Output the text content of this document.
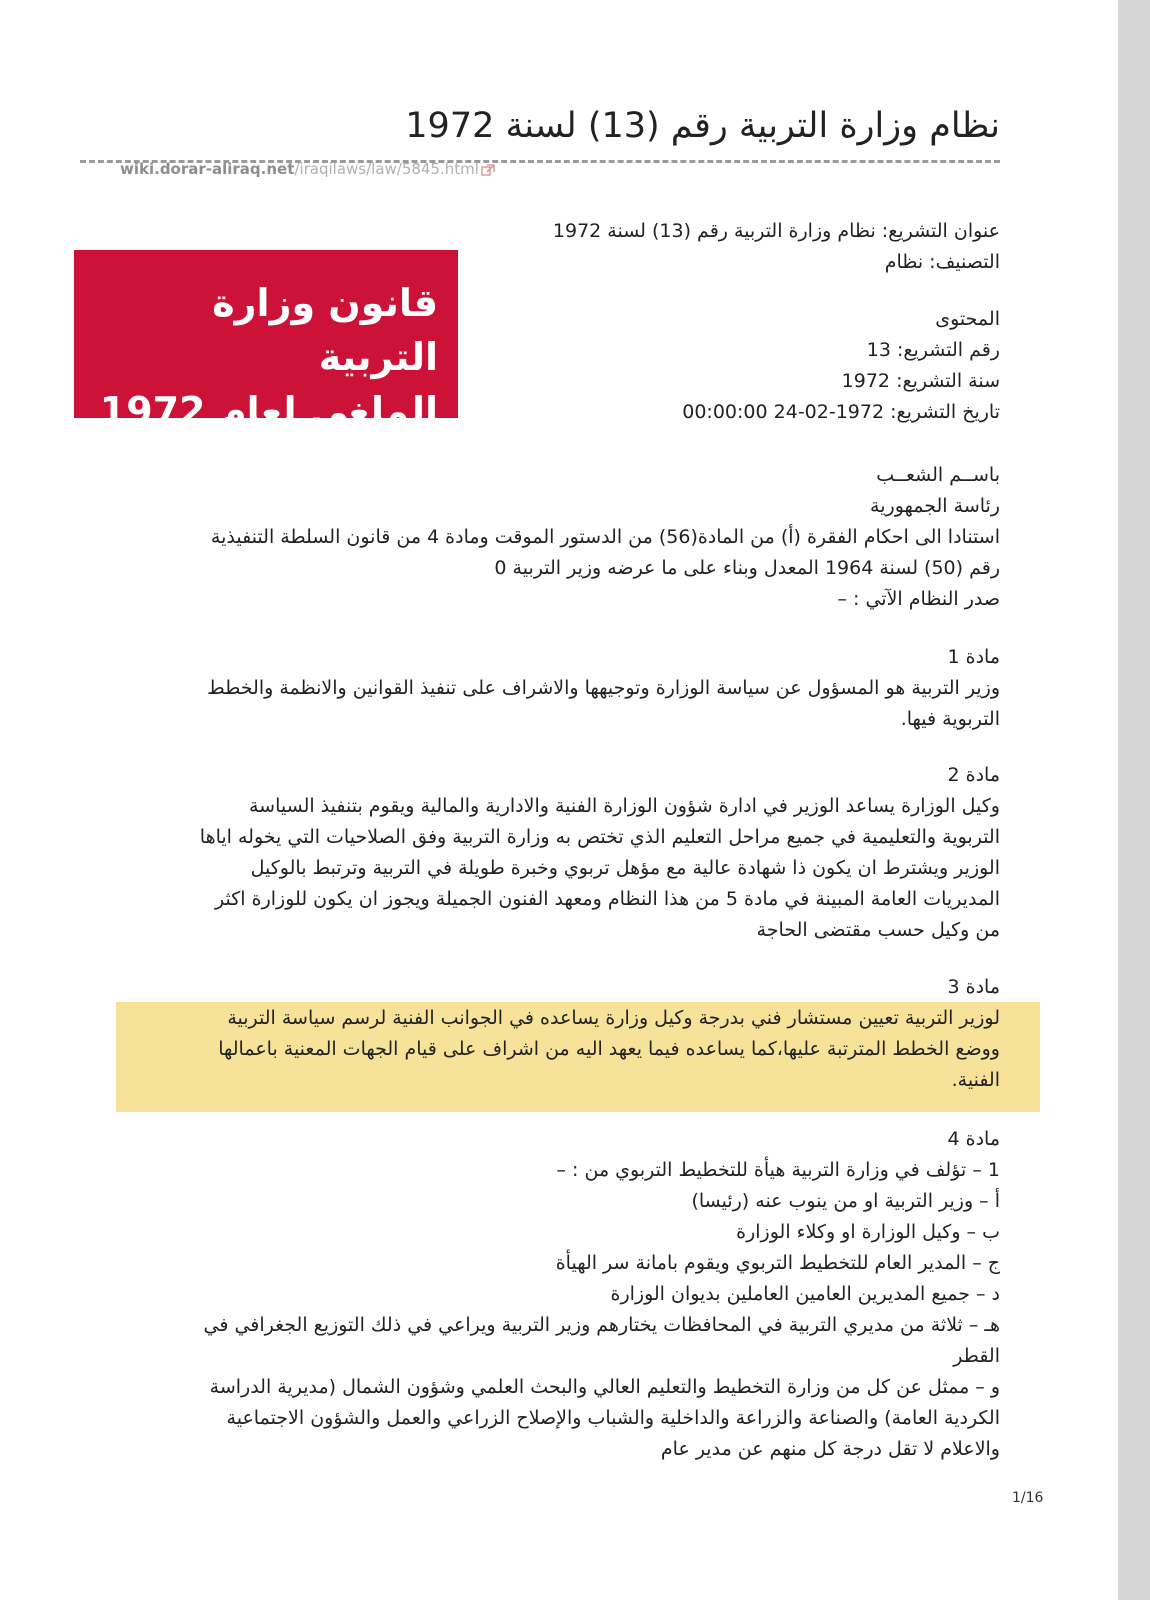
نظام وزارة التربية رقم (13) لسنة 1972
wiki.dorar-aliraq.net/iraqilaws/law/5845.html
قانون وزارة التربية
الملغى لعام 1972
عنوان التشريع: نظام وزارة التربية رقم (13) لسنة 1972
التصنيف: نظام
المحتوى
رقم التشريع: 13
سنة التشريع: 1972
تاريخ التشريع: 1972-02-24 00:00:00
باســم الشعــب
رئاسة الجمهورية
استنادا الى احكام الفقرة (أ) من المادة(56) من الدستور الموقت ومادة 4 من قانون السلطة التنفيذية
رقم (50) لسنة 1964 المعدل وبناء على ما عرضه وزير التربية 0
صدر النظام الآتي : –
مادة 1
وزير التربية هو المسؤول عن سياسة الوزارة وتوجيهها والاشراف على تنفيذ القوانين والانظمة والخطط
التربوية فيها.
مادة 2
وكيل الوزارة يساعد الوزير في ادارة شؤون الوزارة الفنية والادارية والمالية ويقوم بتنفيذ السياسة
التربوية والتعليمية في جميع مراحل التعليم الذي تختص به وزارة التربية وفق الصلاحيات التي يخوله اياها
الوزير ويشترط ان يكون ذا شهادة عالية مع مؤهل تربوي وخبرة طويلة في التربية وترتبط بالوكيل
المديريات العامة المبينة في مادة 5 من هذا النظام ومعهد الفنون الجميلة ويجوز ان يكون للوزارة اكثر
من وكيل حسب مقتضى الحاجة
مادة 3
لوزير التربية تعيين مستشار فني بدرجة وكيل وزارة يساعده في الجوانب الفنية لرسم سياسة التربية
ووضع الخطط المترتبة عليها،كما يساعده فيما يعهد اليه من اشراف على قيام الجهات المعنية باعمالها
الفنية.
مادة 4
1 – تؤلف في وزارة التربية هيأة للتخطيط التربوي من : –
أ – وزير التربية او من ينوب عنه (رئيسا)
ب – وكيل الوزارة او وكلاء الوزارة
ج – المدير العام للتخطيط التربوي ويقوم بامانة سر الهيأة
د – جميع المديرين العامين العاملين بديوان الوزارة
هـ – ثلاثة من مديري التربية في المحافظات يختارهم وزير التربية ويراعي في ذلك التوزيع الجغرافي في
القطر
و – ممثل عن كل من وزارة التخطيط والتعليم العالي والبحث العلمي وشؤون الشمال (مديرية الدراسة
الكردية العامة) والصناعة والزراعة والداخلية والشباب والإصلاح الزراعي والعمل والشؤون الاجتماعية
والاعلام لا تقل درجة كل منهم عن مدير عام
1/16
